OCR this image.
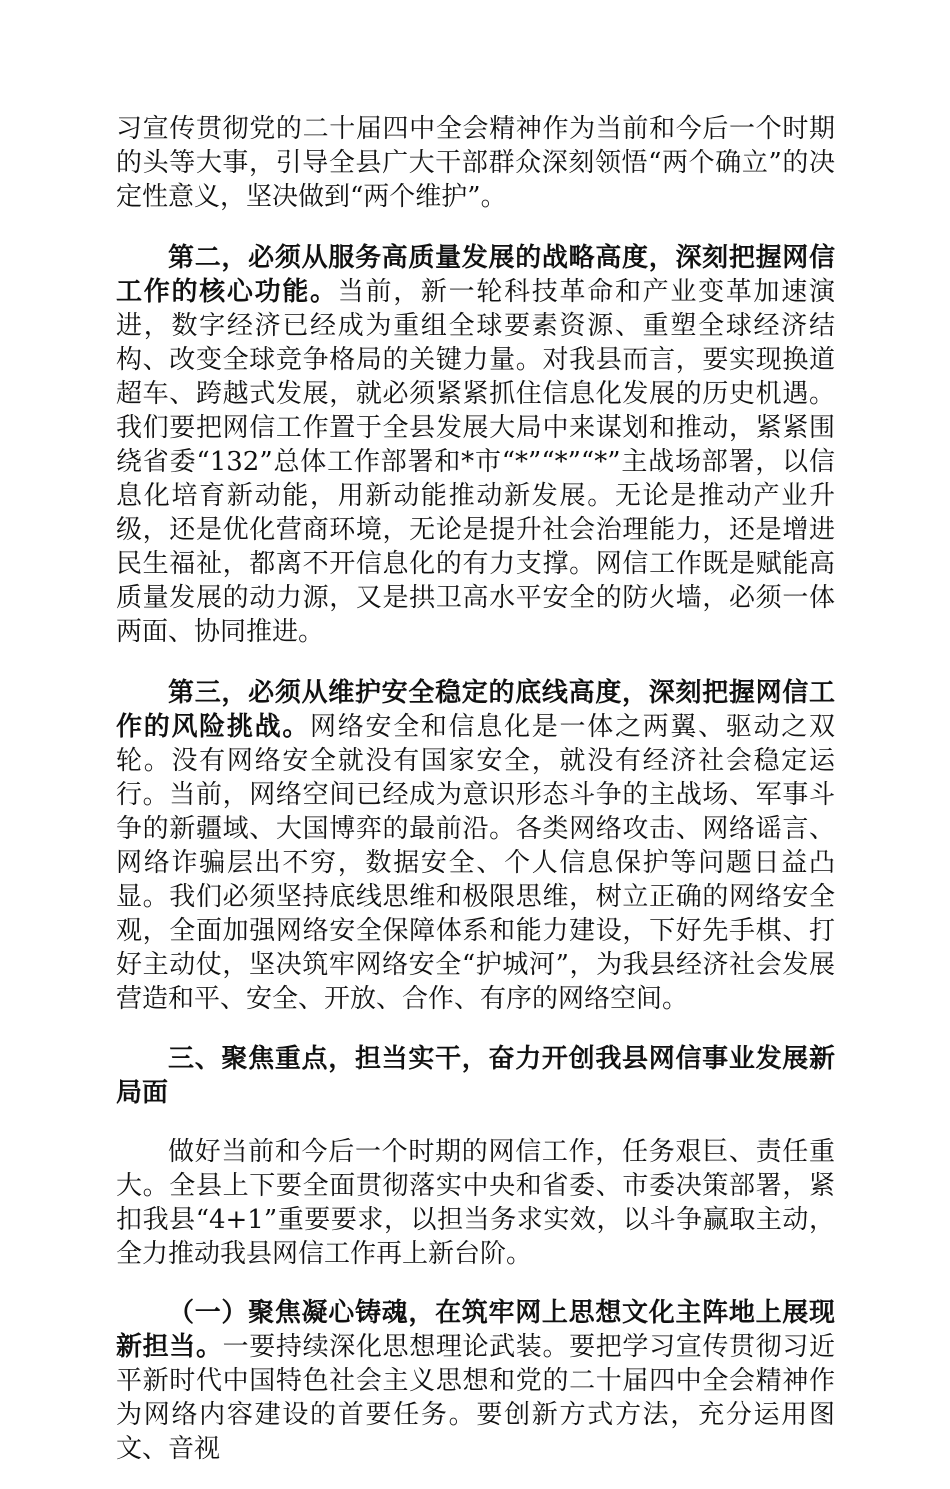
习宣传贯彻党的二十届四中全会精神作为当前和今后一个时期的头等大事，引导全县广大干部群众深刻领悟“两个确立”的决定性意义，坚决做到“两个维护”。

第二，必须从服务高质量发展的战略高度，深刻把握网信工作的核心功能。当前，新一轮科技革命和产业变革加速演进，数字经济已经成为重组全球要素资源、重塑全球经济结构、改变全球竞争格局的关键力量。对我县而言，要实现换道超车、跨越式发展，就必须紧紧抓住信息化发展的历史机遇。我们要把网信工作置于全县发展大局中来谋划和推动，紧紧围绕省委“132”总体工作部署和*市“*”“*”“*”主战场部署，以信息化培育新动能，用新动能推动新发展。无论是推动产业升级，还是优化营商环境，无论是提升社会治理能力，还是增进民生福祉，都离不开信息化的有力支撑。网信工作既是赋能高质量发展的动力源，又是拱卫高水平安全的防火墙，必须一体两面、协同推进。

第三，必须从维护安全稳定的底线高度，深刻把握网信工作的风险挑战。网络安全和信息化是一体之两翼、驱动之双轮。没有网络安全就没有国家安全，就没有经济社会稳定运行。当前，网络空间已经成为意识形态斗争的主战场、军事斗争的新疆域、大国博弈的最前沿。各类网络攻击、网络谣言、网络诈骗层出不穷，数据安全、个人信息保护等问题日益凸显。我们必须坚持底线思维和极限思维，树立正确的网络安全观，全面加强网络安全保障体系和能力建设，下好先手棋、打好主动仗，坚决筑牢网络安全“护城河”，为我县经济社会发展营造和平、安全、开放、合作、有序的网络空间。

三、聚焦重点，担当实干，奋力开创我县网信事业发展新局面

做好当前和今后一个时期的网信工作，任务艰巨、责任重大。全县上下要全面贯彻落实中央和省委、市委决策部署，紧扣我县“4+1”重要要求，以担当务求实效，以斗争赢取主动，全力推动我县网信工作再上新台阶。

（一）聚焦凝心铸魂，在筑牢网上思想文化主阵地上展现新担当。一要持续深化思想理论武装。要把学习宣传贯彻习近平新时代中国特色社会主义思想和党的二十届四中全会精神作为网络内容建设的首要任务。要创新方式方法，充分运用图文、音视
